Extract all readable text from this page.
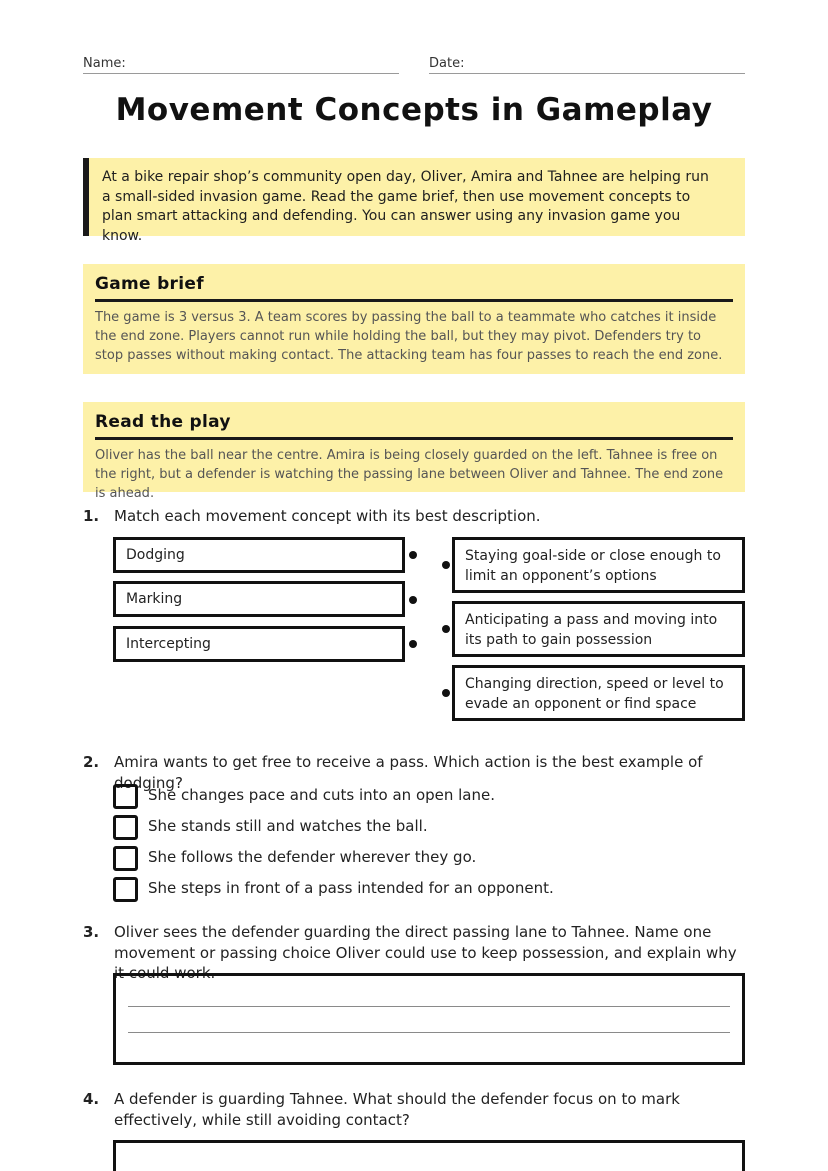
Name:	Date:
Movement Concepts in Gameplay
At a bike repair shop’s community open day, Oliver, Amira and Tahnee are helping run a small-sided invasion game. Read the game brief, then use movement concepts to plan smart attacking and defending. You can answer using any invasion game you know.
Game brief

The game is 3 versus 3. A team scores by passing the ball to a teammate who catches it inside the end zone. Players cannot run while holding the ball, but they may pivot. Defenders try to stop passes without making contact. The attacking team has four passes to reach the end zone.

Read the play

Oliver has the ball near the centre. Amira is being closely guarded on the left. Tahnee is free on the right, but a defender is watching the passing lane between Oliver and Tahnee. The end zone is ahead.

1. Match each movement concept with its best description.
Dodging
Marking
Intercepting
Staying goal-side or close enough to limit an opponent’s options
Anticipating a pass and moving into its path to gain possession
Changing direction, speed or level to evade an opponent or find space
2. Amira wants to get free to receive a pass. Which action is the best example of dodging?
She changes pace and cuts into an open lane.
She stands still and watches the ball.
She follows the defender wherever they go.
She steps in front of a pass intended for an opponent.
3. Oliver sees the defender guarding the direct passing lane to Tahnee. Name one movement or passing choice Oliver could use to keep possession, and explain why it could work.
4. A defender is guarding Tahnee. What should the defender focus on to mark effectively, while still avoiding contact?
